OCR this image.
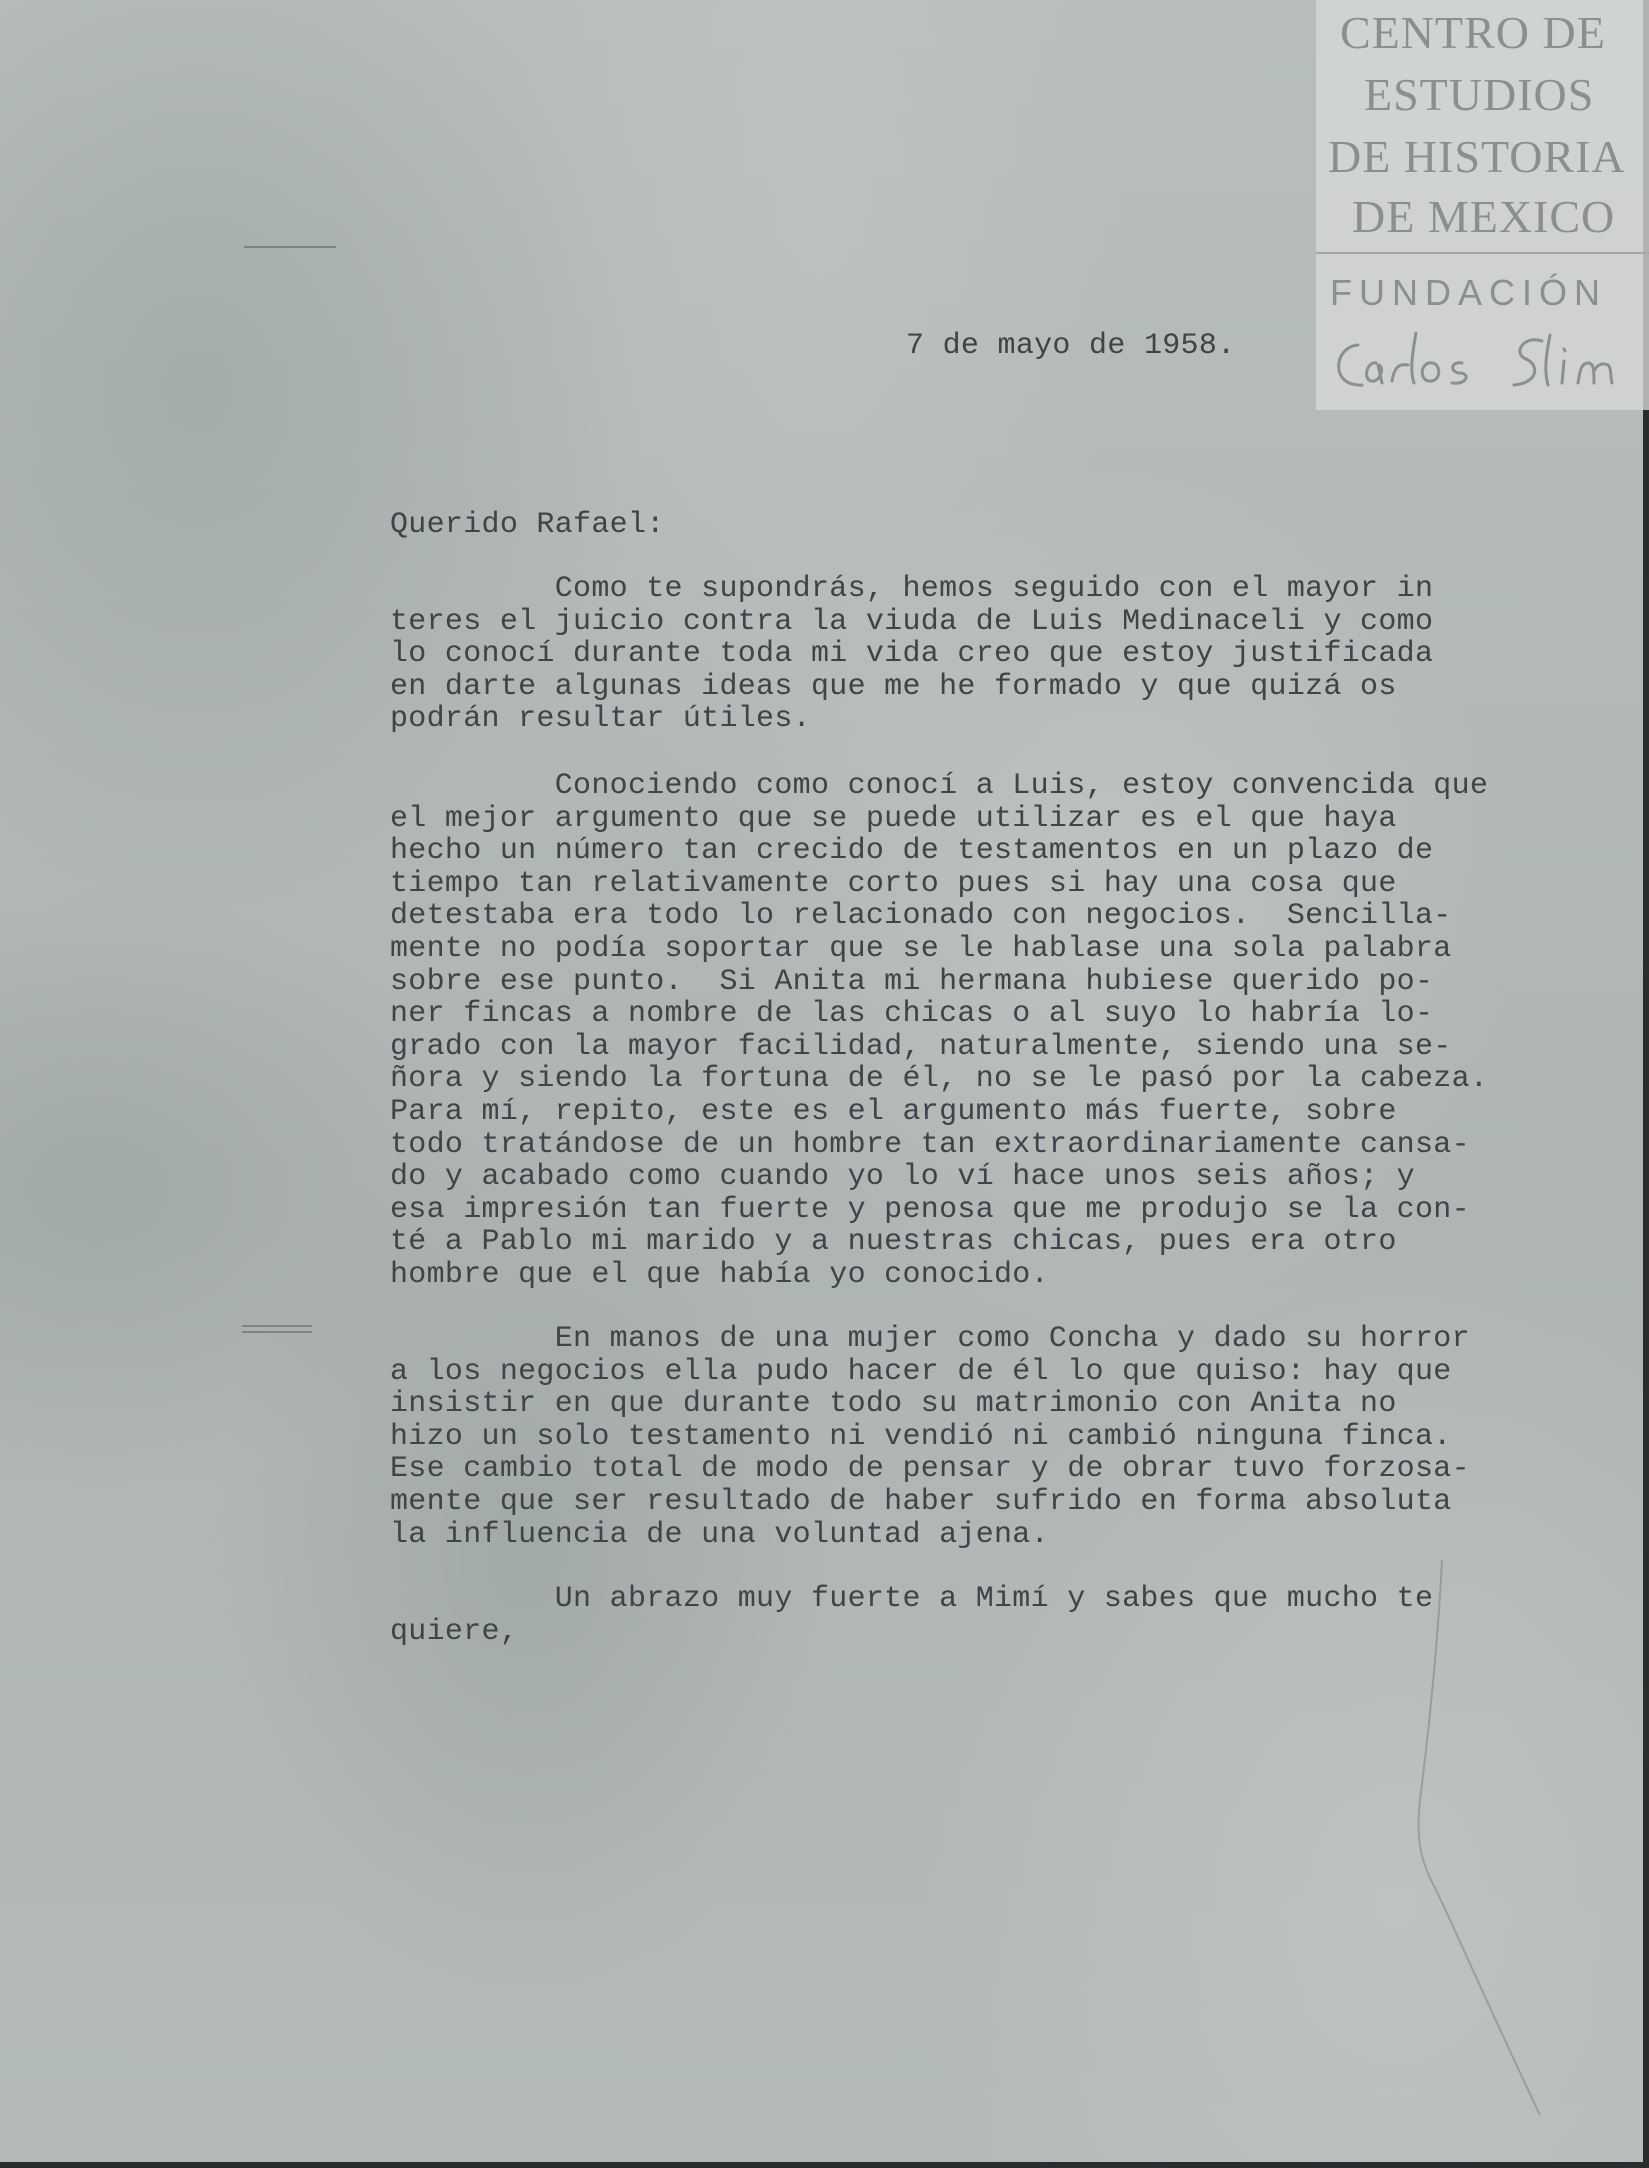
CENTRO DE
ESTUDIOS
DE HISTORIA
DE MEXICO
FUNDACIÓN
7 de mayo de 1958.
Querido Rafael:
Como te supondrás, hemos seguido con el mayor in
teres el juicio contra la viuda de Luis Medinaceli y como
lo conocí durante toda mi vida creo que estoy justificada
en darte algunas ideas que me he formado y que quizá os
podrán resultar útiles.
Conociendo como conocí a Luis, estoy convencida que
el mejor argumento que se puede utilizar es el que haya
hecho un número tan crecido de testamentos en un plazo de
tiempo tan relativamente corto pues si hay una cosa que
detestaba era todo lo relacionado con negocios.  Sencilla-
mente no podía soportar que se le hablase una sola palabra
sobre ese punto.  Si Anita mi hermana hubiese querido po-
ner fincas a nombre de las chicas o al suyo lo habría lo-
grado con la mayor facilidad, naturalmente, siendo una se-
ñora y siendo la fortuna de él, no se le pasó por la cabeza.
Para mí, repito, este es el argumento más fuerte, sobre
todo tratándose de un hombre tan extraordinariamente cansa-
do y acabado como cuando yo lo ví hace unos seis años; y
esa impresión tan fuerte y penosa que me produjo se la con-
té a Pablo mi marido y a nuestras chicas, pues era otro
hombre que el que había yo conocido.
En manos de una mujer como Concha y dado su horror
a los negocios ella pudo hacer de él lo que quiso: hay que
insistir en que durante todo su matrimonio con Anita no
hizo un solo testamento ni vendió ni cambió ninguna finca.
Ese cambio total de modo de pensar y de obrar tuvo forzosa-
mente que ser resultado de haber sufrido en forma absoluta
la influencia de una voluntad ajena.
Un abrazo muy fuerte a Mimí y sabes que mucho te
quiere,
